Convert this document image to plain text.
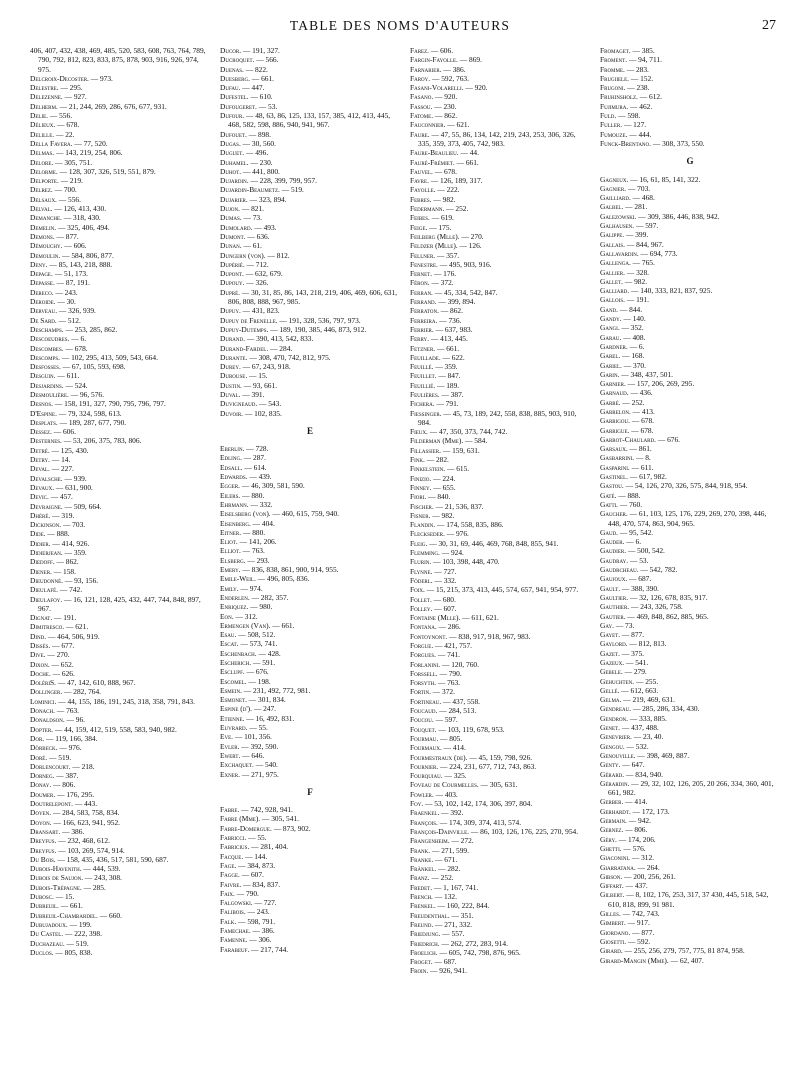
TABLE DES NOMS D'AUTEURS	27

406, 407, 432, 438, 469, 485, 520, 583, 608, 763, 764, 789, 790, 792, 812, 823, 833, 875, 878, 903, 916, 926, 974, 975.

Delcroix-Decoster. — 973.

Delestre. — 295.

Delezenne. — 927.

Delherm. — 21, 244, 269, 286, 676, 677, 931.

Delie. — 556.

Délieux. — 678.

Delille. — 22.

Della Favera. — 77, 520.

Delmas. — 143, 219, 254, 806.

Delore. — 305, 751.

Delorme. — 128, 307, 326, 519, 551, 879.

Delporte. — 219.

Delrez. — 700.

Delsaux. — 556.

Delval. — 126, 413, 430.

Demanche. — 318, 430.

Demelin. — 325, 406, 494.

Demons. — 877.

Démouchy. — 606.

Demoulin. — 584, 806, 877.

Deny. — 85, 143, 218, 888.

Depage. — 51, 173.

Depasse. — 87, 191.

Dereco. — 243.

Deroide. — 30.

Derveau. — 326, 939.

De Sard. — 512.

Deschamps. — 253, 285, 862.

Descoeudres. — 6.

Descombes. — 678.

Descomps. — 102, 295, 413, 509, 543, 664.

Desfosses. — 67, 105, 593, 698.

Desguin. — 611.

Desjardins. — 524.

Desmoulière. — 96, 576.

Desnos. — 158, 191, 327, 790, 795, 796, 797.

D'Espine. — 79, 324, 598, 613.

Desplats. — 189, 287, 677, 790.

Dessez. — 606.

Desternes. — 53, 206, 375, 783, 806.

Detré. — 125, 430.

Detry. — 14.

Deval. — 227.

Devalsche. — 939.

Devaux. — 631, 900.

Devic. — 457.

Devraigne. — 509, 664.

Dhéré. — 319.

Dickinson. — 703.

Dide. — 888.

Didier. — 414, 926.

Didierjean. — 359.

Diedoff. — 862.

Diener. — 158.

Dieudonné. — 93, 156.

Dieulafé. — 742.

Dieulafoy. — 16, 121, 128, 425, 432, 447, 744, 848, 897, 967.

Dignat. — 191.

Dimitresco. — 621.

Dind. — 464, 506, 919.

Dissès. — 677.

Dive. — 270.

Dixon. — 652.

Doche. — 626.

DolériS. — 47, 142, 610, 888, 967.

Dollinger. — 282, 764.

Lominici. — 44, 155, 186, 191, 245, 318, 358, 791, 843.

Donach. — 763.

Donaldson. — 96.

Dopter. — 44, 159, 412, 519, 558, 583, 940, 982.

Dor. — 119, 166, 384.

Dörbeck. — 976.

Doré. — 519.

Dorlencourt. — 218.

Dorneg. — 387.

Donay. — 806.

Doumer. — 176, 295.

Doutrelepont. — 443.

Doyen. — 284, 583, 758, 834.

Doyon. — 166, 623, 941, 952.

Dransart. — 386.

Dreyfus. — 232, 468, 612.

Dreyfus. — 103, 269, 574, 914.

Du Bois. — 158, 435, 436, 517, 581, 590, 687.

Dubois-Havenith. — 444, 539.

Dubois de Saujon. — 243, 308.

Dubois-Trépagne. — 285.

Dubosc. — 15.

Dubreuil. — 661.

Dubreuil-Chambardel. — 660.

Dubujadoux. — 199.

Du Castel. — 222, 398.

Duchazeau. — 519.

Duclos. — 805, 838.

Ducor. — 191, 327.

Ducroquet. — 566.

Duenas. — 822.

Duesberg. — 661.

Dufau. — 447.

Dufestel. — 610.

Dufougeret. — 53.

Dufour. — 48, 63, 86, 125, 133, 157, 385, 412, 413, 445, 468, 582, 598, 886, 940, 941, 967.

Dufouet. — 898.

Dugas. — 30, 560.

Duguet. — 496.

Duhamel. — 230.

Duhot. — 441, 800.

Dujardin. — 228, 399, 799, 957.

Dujardin-Beaumetz. — 519.

Dujarier. — 323, 894.

Dujon. — 821.

Dumas. — 73.

Dumolard. — 493.

Dumont. — 636.

Dunan. — 61.

Dungern (von). — 812.

Dupérié. — 712.

Dupont. — 632, 679.

Dupouy. — 326.

Dupré. — 30, 31, 85, 86, 143, 218, 219, 406, 469, 606, 631, 806, 808, 888, 967, 985.

Dupuy. — 431, 823.

Dupuy de Frenelle. — 191, 328, 536, 797, 973.

Dupuy-Dutemps. — 189, 190, 385, 446, 873, 912.

Durand. — 390, 413, 542, 833.

Durand-Fardel. — 284.

Durante. — 308, 470, 742, 812, 975.

Durey. — 67, 243, 918.

Durouse. — 15.

Dustin. — 93, 661.

Duval. — 391.

Duvigneaud. — 543.

Duvoir. — 102, 835.

E

Eberlin. — 728.

Edling. — 287.

Edsall. — 614.

Edwards. — 439.

Egger. — 46, 309, 581, 590.

Eilers. — 880.

Ehrmann. — 332.

Eiselsberg (von). — 460, 615, 759, 940.

Eisenberg. — 404.

Eitner. — 880.

Eliot. — 141, 206.

Elliot. — 763.

Elsberg. — 293.

Emery. — 836, 838, 861, 900, 914, 955.

Emile-Weil. — 496, 805, 836.

Emily. — 974.

Enderlen. — 282, 357.

Enriquez. — 980.

Eon. — 312.

Ermengen (Van). — 661.

Esau. — 508, 512.

Escat. — 573, 741.

Eschenbach. — 428.

Escherich. — 591.

Esclupf. — 676.

Escomel. — 198.

Esmein. — 231, 492, 772, 981.

Esmonet. — 301, 834.

Espine (d'). — 247.

Etienne. — 16, 492, 831.

Euvrard. — 55.

Eve. — 101, 356.

Evler. — 392, 590.

Ewert. — 646.

Exchaquet. — 540.

Exner. — 271, 975.

F

Fabre. — 742, 928, 941.

Fabre (Mme). — 305, 541.

Fabre-Domergue. — 873, 902.

Fabricci. — 55.

Fabricius. — 281, 404.

Facque. — 144.

Fage. — 384, 873.

Fagge. — 607.

Faivre. — 834, 837.

Faix. — 790.

Falgowski. — 727.

Falibois. — 243.

Falk. — 598, 791.

Famechae. — 386.

Famenne. — 306.

Farabeuf. — 217, 744.

Farez. — 606.

Fargin-Fayolle. — 869.

Farnarier. — 386.

Faroy. — 592, 763.

Fasani-Volarelli. — 920.

Fasano. — 920.

Fassou. — 230.

Fatome. — 862.

Fauconnier. — 621.

Faure. — 47, 55, 86, 134, 142, 219, 243, 253, 306, 326, 335, 359, 373, 405, 742, 983.

Faure-Beaulieu. — 44.

Fauré-Frémiet. — 661.

Fauvel. — 678.

Favre. — 126, 189, 317.

Fayolle. — 222.

Febres. — 982.

Federmann. — 252.

Feibes. — 619.

Feige. — 175.

Feilberg (Mlle). — 270.

Feldzer (Mlle). — 126.

Fellner. — 357.

Fenestre. — 495, 903, 916.

Fernet. — 176.

Féron. — 372.

Ferran. — 45, 334, 542, 847.

Ferrand. — 399, 894.

Ferraton. — 862.

Ferreira. — 736.

Ferrier. — 637, 983.

Ferry. — 413, 445.

Fetzner. — 661.

Feuillade. — 622.

Feuillé. — 359.

Feuillet. — 847.

Feuillié. — 189.

Feulières. — 387.

Fichera. — 791.

Fiessinger. — 45, 73, 189, 242, 558, 838, 885, 903, 910, 984.

Fieux. — 47, 350, 373, 744, 742.

Filderman (Mme). — 584.

Fillassier. — 159, 631.

Fink. — 282.

Finkelstein. — 615.

Finizio. — 224.

Finney. — 655.

Fiori. — 840.

Fischer. — 21, 536, 837.

Fisner. — 982.

Flandin. — 174, 558, 835, 886.

Fleckseder. — 976.

Fleig. — 30, 31, 69, 446, 469, 768, 848, 855, 941.

Flemming. — 924.

Flurin. — 103, 398, 448, 470.

Flynne. — 727.

Föderl. — 332.

Foix. — 15, 215, 373, 413, 445, 574, 657, 941, 954, 977.

Follet. — 680.

Folley. — 607.

Fontaine (Mlle). — 611, 621.

Fontana. — 286.

Fontoynont. — 838, 917, 918, 967, 983.

Forgue. — 421, 757.

Forgues. — 741.

Forlanini. — 120, 760.

Forssell. — 790.

Forsyth. — 763.

Fortin. — 372.

Fortineau. — 437, 558.

Foucaud. — 284, 513.

Foucou. — 597.

Fouquet. — 103, 119, 678, 953.

Fourmau. — 805.

Fourmaux. — 414.

Fourmestraux (de). — 45, 159, 798, 926.

Fournier. — 224, 231, 677, 712, 743, 863.

Fourquiau. — 325.

Foveau de Courmelles. — 305, 631.

Fowler. — 403.

Foy. — 53, 102, 142, 174, 306, 397, 804.

Fraenkel. — 392.

François. — 174, 309, 374, 413, 574.

François-Dainville. — 86, 103, 126, 176, 225, 270, 954.

Frangenheim. — 272.

Frank. — 271, 599.

Franke. — 671.

Fränkel. — 282.

Franz. — 252.

Fredet. — 1, 167, 741.

French. — 132.

Frenkel. — 160, 222, 844.

Freudenthal. — 351.

Freund. — 271, 332.

Friedjung. — 557.

Friedrich. — 262, 272, 283, 914.

Froelich. — 605, 742, 798, 876, 965.

Froget. — 687.

Froin. — 926, 941.

Fromaget. — 385.

Froment. — 94, 711.

Fromme. — 283.

Frugiiele. — 152.

Frugoni. — 238.

Fruhinsholz. — 612.

Fujimura. — 462.

Fuld. — 598.

Fuller. — 127.

Fumouze. — 444.

Funck-Brentano. — 308, 373, 550.

G

Gagneux. — 16, 61, 85, 141, 322.

Gagnier. — 703.

Gailliard. — 468.

Galbel. — 281.

Galezowski. — 309, 386, 446, 838, 942.

Galhausen. — 597.

Galippe. — 399.

Gallais. — 844, 967.

Gallavardin. — 694, 773.

Gallenga. — 765.

Gallier. — 328.

Gallet. — 982.

Galliard. — 140, 333, 821, 837, 925.

Gallois. — 191.

Gand. — 844.

Gandy. — 140.

Gangi. — 352.

Garau. — 408.

Gardner. — 6.

Garel. — 168.

Gariel. — 370.

Garin. — 348, 437, 501.

Garnier. — 157, 206, 269, 295.

Garnaud. — 436.

Garré. — 252.

Garrelon. — 413.

Garrigou. — 678.

Garrigue. — 678.

Garrot-Chaulard. — 676.

Garsaux. — 861.

Gasbarrini. — 8.

Gasparini. — 611.

Gastinel. — 617, 982.

Gastou. — 54, 126, 270, 326, 575, 844, 918, 954.

Gaté. — 888.

Gatti. — 760.

Gaucher. — 61, 103, 125, 176, 229, 269, 270, 398, 446, 448, 470, 574, 863, 904, 965.

Gaud. — 95, 542.

Gauder. — 6.

Gaudier. — 500, 542.

Gaudray. — 53.

Gaudrcheau. — 542, 782.

Gaujoux. — 687.

Gault. — 388, 390.

Gaultier. — 32, 126, 678, 835, 917.

Gauthier. — 243, 326, 758.

Gautier. — 469, 848, 862, 885, 965.

Gay. — 73.

Gayet. — 877.

Gaylord. — 812, 813.

Gazet. — 375.

Gazeux. — 541.

Gebele. — 279.

Gehuchten. — 255.

Gellé. — 612, 663.

Gelma. — 219, 469, 631.

Gendreau. — 285, 286, 334, 430.

Gendron. — 333, 885.

Genet. — 437, 488.

Genevrier. — 23, 40.

Gengou. — 532.

Genouville. — 398, 469, 887.

Genty. — 647.

Gérard. — 834, 940.

Gérardin. — 29, 32, 102, 126, 205, 20 266, 334, 360, 401, 661, 982.

Gerber. — 414.

Gerhardt. — 172, 173.

Germain. — 942.

Gernez. — 806.

Géry. — 174, 206.

Ghetti. — 576.

Giaconini. — 312.

Giarratana. — 264.

Gibson. — 200, 256, 261.

Giffart. — 437.

Gilbert. — 8, 102, 176, 253, 317, 37 430, 445, 518, 542, 610, 818, 899, 91 981.

Gilles. — 742, 743.

Gimbert. — 917.

Giordano. — 877.

Giosetti. — 592.

Girard. — 255, 256, 279, 757, 775, 81 874, 958.

Girard-Mangin (Mme). — 62, 407.
